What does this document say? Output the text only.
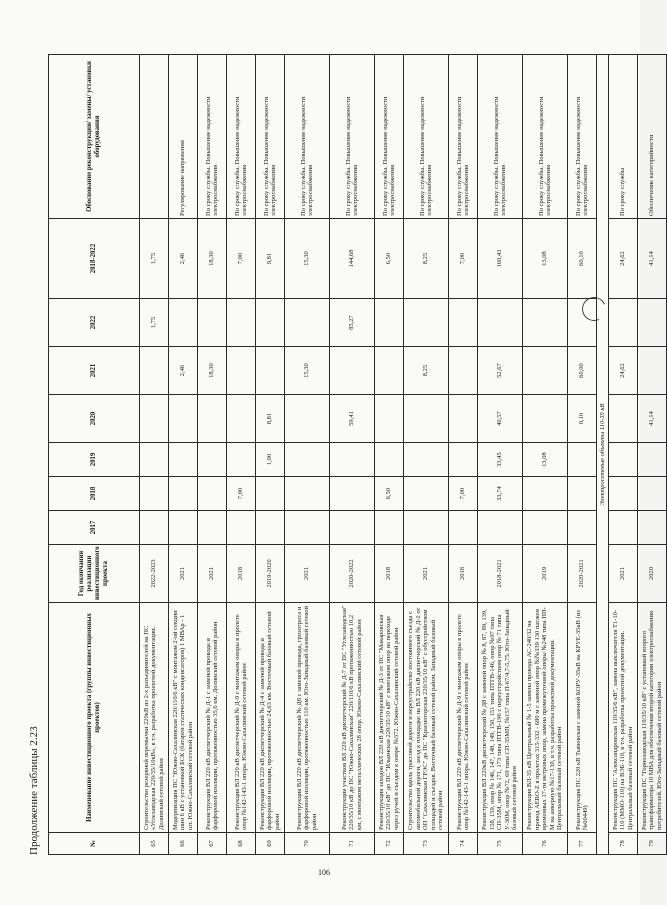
Продолжение таблицы 2.23	№	Наименование инвестиционного проекта (группы инвестиционных проектов)	Год окончания реализации инвестиционного проекта	2017	2018	2019	2020	2021	2022	2018-2022	Обоснование реконструкции/ замены/ установки оборудования
65	Строительство резервной перемычки 220кВ из 2-х разъединителей на ПС «Углезаводская 220/35/10кВ», в т.ч. разработка проектной документации. Долинский сетевой район	2022-2023						1,75	1,75	
66	Модернизация ПС "Южно-Сахалинская 220/110/6 кВ" с монтажом 2-ой секции шин 6 кВ с установкой БСК (батареи статических конденсаторов) 1 МВАр - 1 шт. Южно-Сахалинский сетевой район	2021					2,46		2,46	Регулирование напряжения
67	Реконструкция ВЛ 220 кВ диспетчерский № Д-1 с заменой провода и фарфоровой изоляции, протяженностью 35,6 км. Долинский сетевой район	2021					18,30		18,30	По сроку службы. Повышение надежности электроснабжения
68	Реконструкция ВЛ 220 кВ диспетчерский № Д-9 с монтажом опоры в пролете опор №142-143-1 опора. Южно-Сахалинский сетевой район	2018		7,00					7,00	По сроку службы. Повышение надежности электроснабжения
69	Реконструкция ВЛ 220 кВ диспетчерский № Д-4 с заменой провода и фарфоровой изоляции, протяженностью 24,63 км. Восточный базовый сетевой район	2019-2020			1,00	8,81			9,81	По сроку службы. Повышение надежности электроснабжения
70	Реконструкция ВЛ 220 кВ диспетчерский № Д8 с заменой провода, грозотроса и фарфоровой изоляции, протяженностью 110 км. Юго-Западный базовый сетевой район	2021					15,30		15,30	По сроку службы. Повышение надежности электроснабжения
71	Реконструкция участков ВЛ 220 кВ диспетчерский № Д-7 от ПС "Углезаводская" 220/35/10 кВ до ПС "Южно-Сахалинская" 220/110/6 кВ протяженностью 10,2 км, с монтажом металлических 28 опор. Южно-Сахалинский сетевой район	2020-2022				59,41		85,27	144,68	По сроку службы. Повышение надежности электроснабжения
72	Реконструкция заходов ВЛ 220 кВ диспетчерский № Д-3 от ПС "Макаровская 220/35/10 кВ" до ПС "Ильинская 220/35/10 кВ" с монтажом опор на переходе через ручей и съездом к опоре №372. Южно-Сахалинский сетевой район	2018		6,50					6,50	По сроку службы. Повышение надежности электроснабжения
73	Строительство вдоль трассовой дороги и переустройство постоянного съезда с автомобильной дороги, заезд к площадке на ВЛ 220 кВ диспетчерский № Д-2 от ОП "Сахалинская ГРЭС" до ПС "Красногорская 220/35/10 кВ" с обустройством площадей и съездов. Восточный базовый сетевой район. Западный базовый сетевой район	2021					8,25		8,25	По сроку службы. Повышение надежности электроснабжения
74	Реконструкция ВЛ 220 кВ диспетчерский № Д-9 с монтажом опоры в пролете опор №142-143-1 опора. Южно-Сахалинский сетевой район	2018		7,00					7,00	По сроку службы. Повышение надежности электроснабжения
75	Реконструкция ВЛ 220кВ диспетчерский № Д8 с заменой опор № 8, 87, 89, 139, 158, 159, опор № 146, 147, 148, 149, 150, 151 типа ПТГВ-146, опор №97 типа СП-35М, опор № 171, 173 типа ПТГВ-196 с переустройством опор № 71 типа У-30М, опор №72, 69 типа СП-35МП, №157 типа П-67/4,7-5,75. Юго-Западный базовый сетевой район	2018-2021		33,74	33,45	40,57	52,67		160,43	По сроку службы. Повышение надежности электроснабжения
76	Реконструкция ВЛ-35 кВ Центральный № 1-5 замена провода АС-240/32 на провод AERO-Z в пролетах 315-332 - 680 м с заменой опор №№339 130 пасжен временных 17-ти метровых опор, замена промежуточной опоры №248 типа ПП-М на анкерную №17-130, в т.ч. разработка проектной документации. Центральный базовый сетевой район	2019			13,08				13,08	По сроку службы. Повышение надежности электроснабжения
77	Реконструкция ПС 220 кВ Тымовская с заменой КОРУ-35кВ на КРУЕ-35кВ (из №60449)	2020-2021				0,10	60,00		60,10	По сроку службы. Повышение надежности электроснабжения
Электросетевые объекты 110-35 кВ										
78	Реконструкция ПС "Александровская 110/35/6 кВ", замена выключателя Т1-10-110 (ММО-110) на ВЭБ-110, в т.ч. разработка проектной документации. Центральный базовый сетевой район	2021					24,62		24,62	По сроку службы
79	Реконструкция ПС "Горнозаводская 110/35/10 кВ" с установкой второго трансформатора 10 МВА для обеспечения второй категории электроснабжения потребителей. Юго-Западный базовый сетевой район	2020				41,14			41,14	Обеспечение категорийности
106
